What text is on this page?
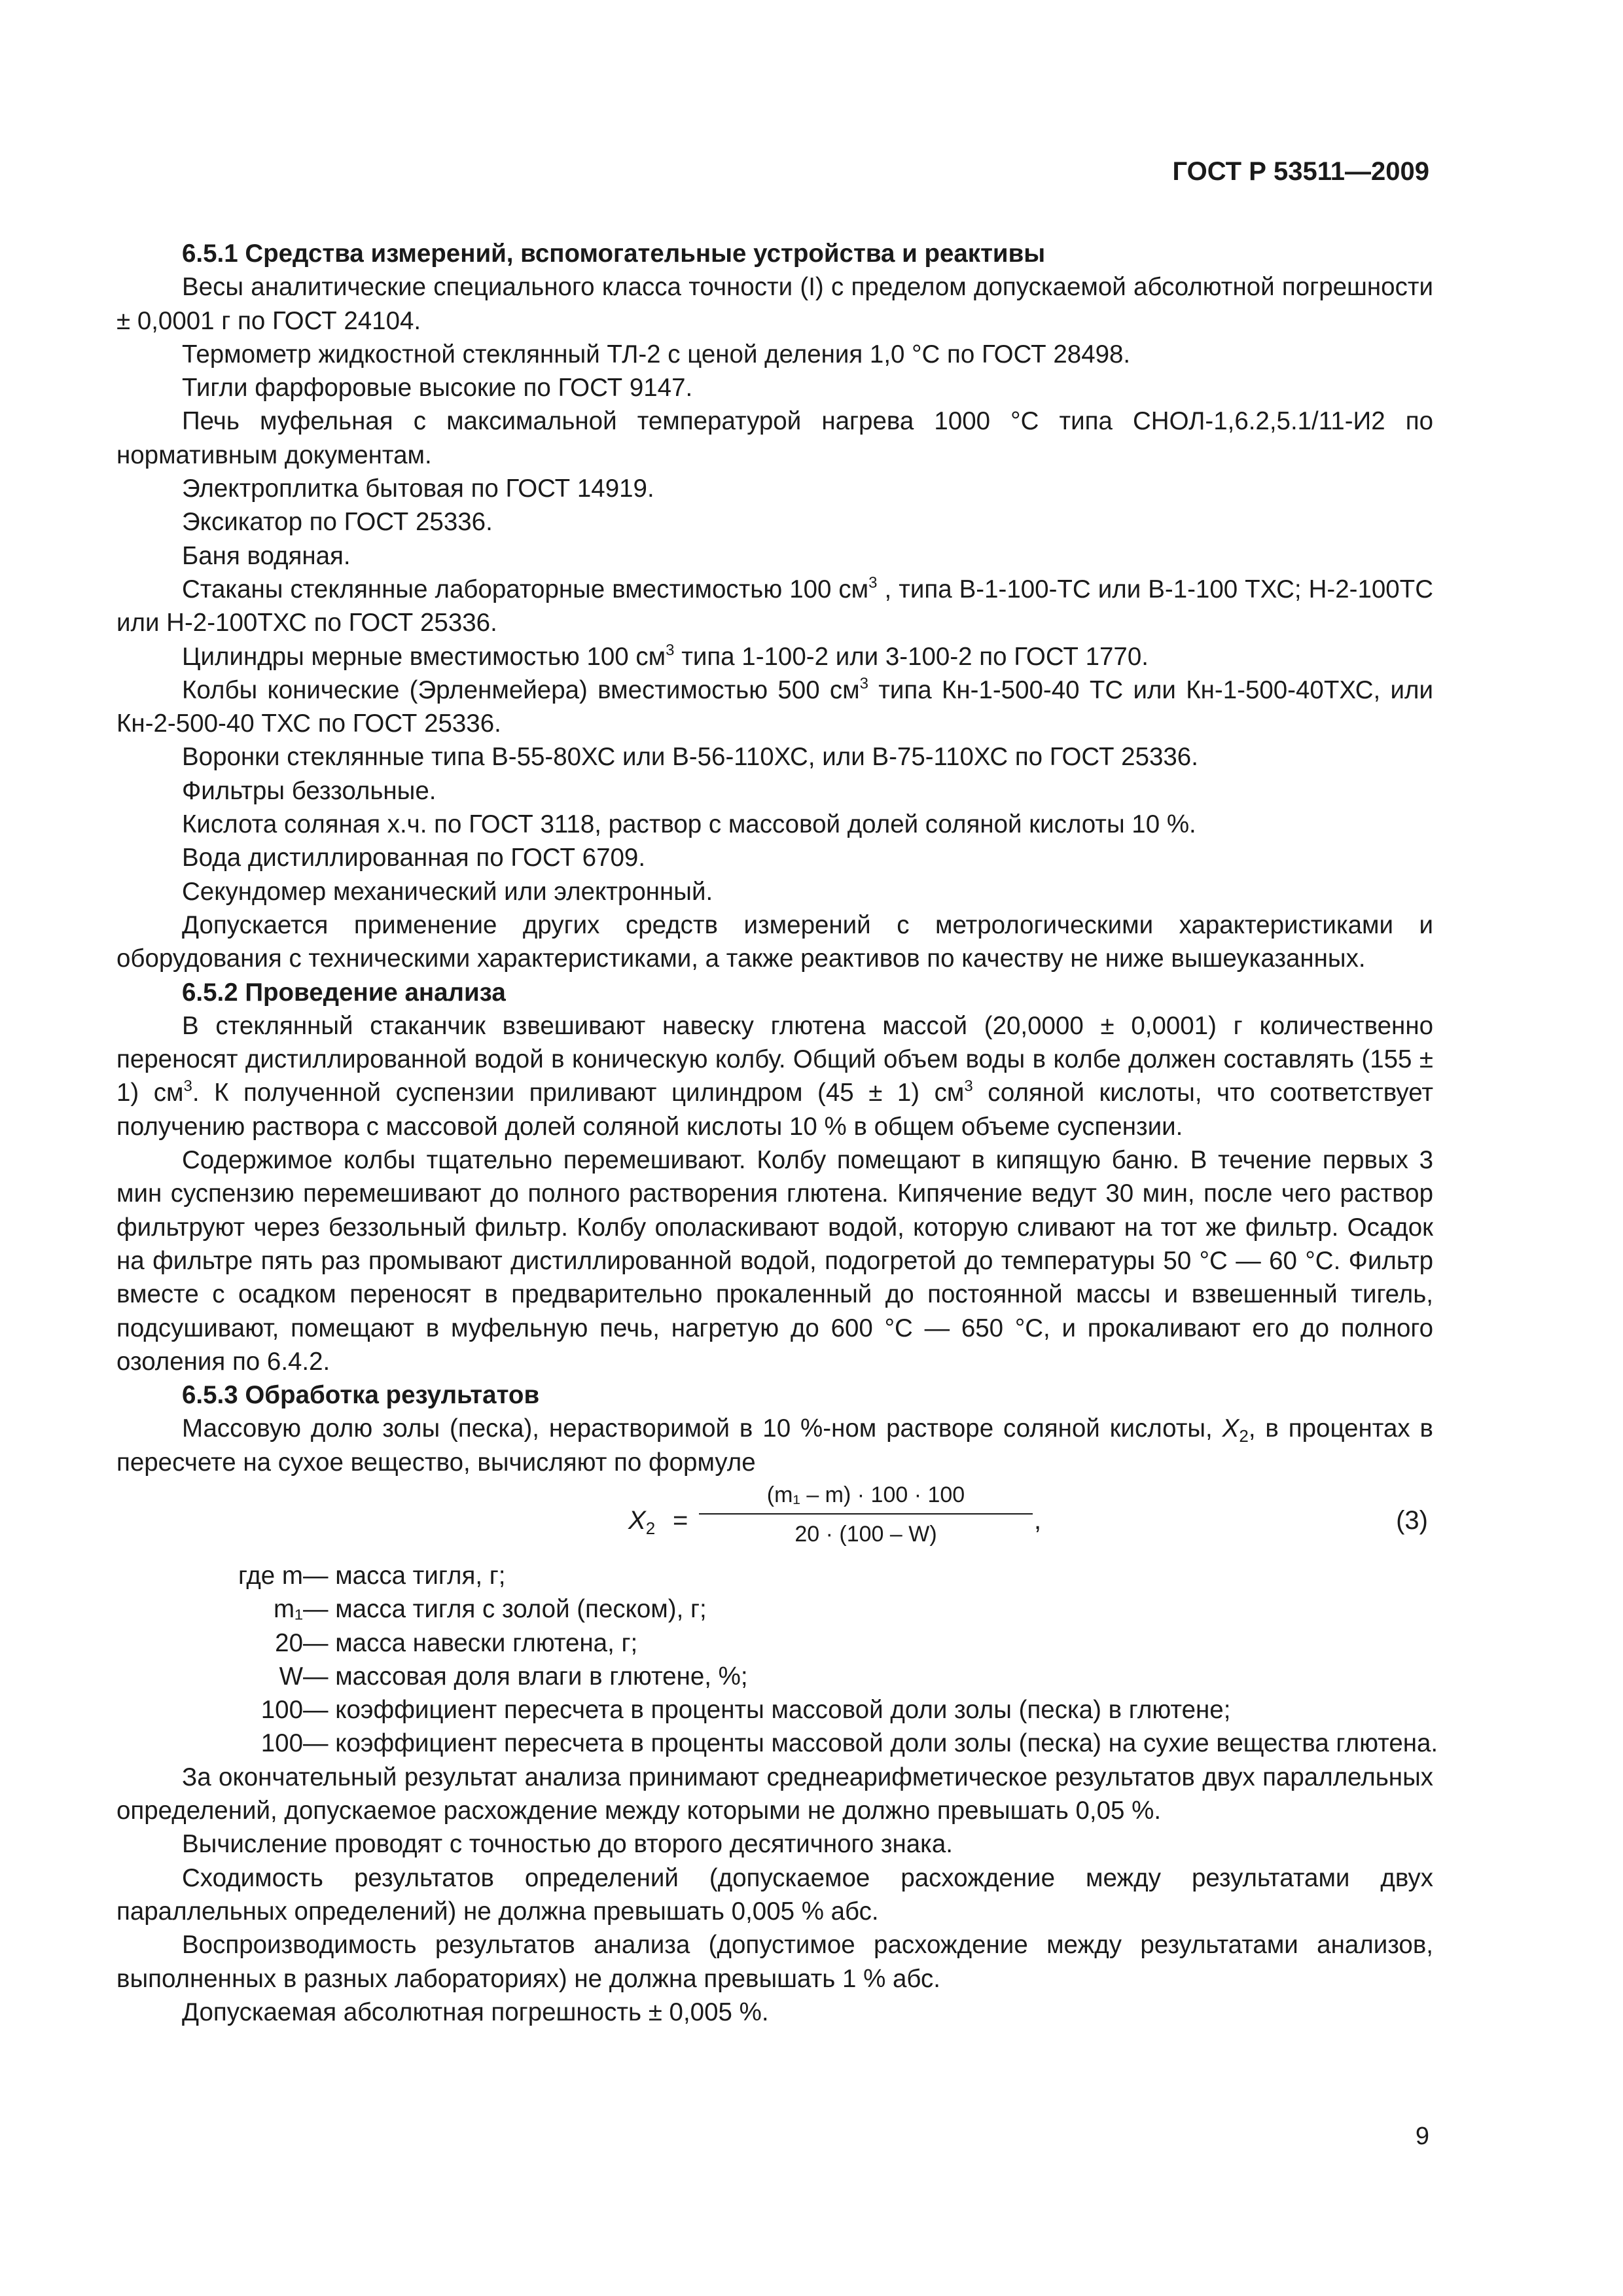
ГОСТ Р 53511—2009

6.5.1 Средства измерений, вспомогательные устройства и реактивы

Весы аналитические специального класса точности (I) с пределом допускаемой абсолютной погрешности ± 0,0001 г по ГОСТ 24104.

Термометр жидкостной стеклянный ТЛ-2 с ценой деления 1,0 °С по ГОСТ 28498.

Тигли фарфоровые высокие по ГОСТ 9147.

Печь муфельная с максимальной температурой нагрева 1000 °С типа СНОЛ-1,6.2,5.1/11-И2 по нормативным документам.

Электроплитка бытовая по ГОСТ 14919.

Эксикатор по ГОСТ 25336.

Баня водяная.

Стаканы стеклянные лабораторные вместимостью 100 $см^3$ , типа В-1-100-ТС или В-1-100 ТХС; Н-2-100ТС или Н-2-100ТХС по ГОСТ 25336.

Цилиндры мерные вместимостью 100 $см^3$ типа 1-100-2 или 3-100-2 по ГОСТ 1770.

Колбы конические (Эрленмейера) вместимостью 500 $см^3$ типа Кн-1-500-40 ТС или Кн-1-500-40ТХС, или Кн-2-500-40 ТХС по ГОСТ 25336.

Воронки стеклянные типа В-55-80ХС или В-56-110ХС, или В-75-110ХС по ГОСТ 25336.

Фильтры беззольные.

Кислота соляная х.ч. по ГОСТ 3118, раствор с массовой долей соляной кислоты 10 %.

Вода дистиллированная по ГОСТ 6709.

Секундомер механический или электронный.

Допускается применение других средств измерений с метрологическими характеристиками и оборудования с техническими характеристиками, а также реактивов по качеству не ниже вышеуказанных.

6.5.2 Проведение анализа

В стеклянный стаканчик взвешивают навеску глютена массой (20,0000 ± 0,0001) г количественно переносят дистиллированной водой в коническую колбу. Общий объем воды в колбе должен составлять (155 ± 1) $см^3$. К полученной суспензии приливают цилиндром (45 ± 1) $см^3$ соляной кислоты, что соответствует получению раствора с массовой долей соляной кислоты 10 % в общем объеме суспензии.

Содержимое колбы тщательно перемешивают. Колбу помещают в кипящую баню. В течение первых 3 мин суспензию перемешивают до полного растворения глютена. Кипячение ведут 30 мин, после чего раствор фильтруют через беззольный фильтр. Колбу ополаскивают водой, которую сливают на тот же фильтр. Осадок на фильтре пять раз промывают дистиллированной водой, подогретой до температуры 50 °С — 60 °С. Фильтр вместе с осадком переносят в предварительно прокаленный до постоянной массы и взвешенный тигель, подсушивают, помещают в муфельную печь, нагретую до 600 °С — 650 °С, и прокаливают его до полного озоления по 6.4.2.

6.5.3 Обработка результатов

Массовую долю золы (песка), нерастворимой в 10 %-ном растворе соляной кислоты, $X_2$, в процентах в пересчете на сухое вещество, вычисляют по формуле

$X_2$ =
(m₁ – m) · 100 · 100
20 · (100 – W)	,	(3)
где m — масса тигля, г;
m₁ — масса тигля с золой (песком), г;
20 — масса навески глютена, г;
W — массовая доля влаги в глютене, %;
100 — коэффициент пересчета в проценты массовой доли золы (песка) в глютене;
100 — коэффициент пересчета в проценты массовой доли золы (песка) на сухие вещества глютена.

За окончательный результат анализа принимают среднеарифметическое результатов двух параллельных определений, допускаемое расхождение между которыми не должно превышать 0,05 %.

Вычисление проводят с точностью до второго десятичного знака.

Сходимость результатов определений (допускаемое расхождение между результатами двух параллельных определений) не должна превышать 0,005 % абс.

Воспроизводимость результатов анализа (допустимое расхождение между результатами анализов, выполненных в разных лабораториях) не должна превышать 1 % абс.

Допускаемая абсолютная погрешность ± 0,005 %.

9
